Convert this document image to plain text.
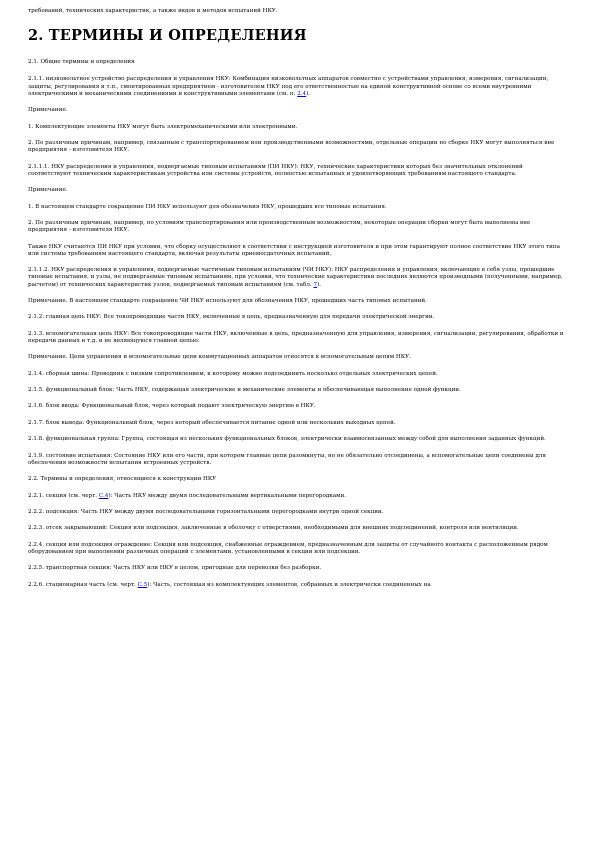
требований, технических характеристик, а также видов и методов испытаний НКУ.

2. ТЕРМИНЫ И ОПРЕДЕЛЕНИЯ

2.1. Общие термины и определения

2.1.1. низковольтное устройство распределения и управления НКУ: Комбинация низковольтных аппаратов совместно с устройствами управления, измерения, сигнализации, защиты, регулирования и т.п., смонтированных предприятием - изготовителем НКУ под его ответственностью на единой конструктивной основе со всеми внутренними электрическими и механическими соединениями и конструктивными элементами (см. п. 2.4).

Примечание.

1. Комплектующие элементы НКУ могут быть электромеханическими или электронными.

2. По различным причинам, например, связанным с транспортированием или производственными возможностями, отдельные операции по сборке НКУ могут выполняться вне предприятия - изготовителя НКУ.

2.1.1.1. НКУ распределения и управления, подвергаемые типовым испытаниям (ПИ НКУ): НКУ, технические характеристики которых без значительных отклонений соответствуют техническим характеристикам устройства или системы устройств, полностью испытанных и удовлетворяющих требованиям настоящего стандарта.

Примечание.

1. В настоящем стандарте сокращение ПИ НКУ используют для обозначения НКУ, прошедших все типовые испытания.

2. По различным причинам, например, по условиям транспортирования или производственным возможностям, некоторые операции сборки могут быть выполнены вне предприятия - изготовителя НКУ.

Также НКУ считаются ПИ НКУ при условии, что сборку осуществляют в соответствии с инструкцией изготовителя и при этом гарантируют полное соответствие НКУ этого типа или системы требованиям настоящего стандарта, включая результаты приемосдаточных испытаний.

2.1.1.2. НКУ распределения и управления, подвергаемые частичным типовым испытаниям (ЧИ НКУ): НКУ распределения и управления, включающие в себя узлы, прошедшие типовые испытания, и узлы, не подвергаемые типовым испытаниям, при условии, что технические характеристики последних являются производными (полученными, например, расчетом) от технических характеристик узлов, подвергаемых типовым испытаниям (см. табл. 7).

Примечание. В настоящем стандарте сокращение ЧИ НКУ используют для обозначения НКУ, прошедших часть типовых испытаний.

2.1.2. главная цепь НКУ: Все токопроводящие части НКУ, включенные в цепь, предназначенную для передачи электрической энергии.

2.1.3. вспомогательная цепь НКУ: Все токопроводящие части НКУ, включенные в цепь, предназначенную для управления, измерения, сигнализации, регулирования, обработки и передачи данных и т.д. и не являющуюся главной цепью.

Примечание. Цепи управления и вспомогательные цепи коммутационных аппаратов относятся к вспомогательным цепям НКУ.

2.1.4. сборная шина: Проводник с низким сопротивлением, к которому можно подсоединить несколько отдельных электрических цепей.

2.1.5. функциональный блок: Часть НКУ, содержащая электрические и механические элементы и обеспечивающая выполнение одной функции.

2.1.6. блок ввода: Функциональный блок, через который подают электрическую энергию в НКУ.

2.1.7. блок вывода: Функциональный блок, через который обеспечивается питание одной или нескольких выходных цепей.

2.1.8. функциональная группа: Группа, состоящая из нескольких функциональных блоков, электрически взаимосвязанных между собой для выполнения заданных функций.

2.1.9. состояние испытания: Состояние НКУ или его части, при котором главные цепи разомкнуты, но не обязательно отсоединены, а вспомогательные цепи соединены для обеспечения возможности испытания встроенных устройств.

2.2. Термины и определения, относящиеся к конструкции НКУ

2.2.1. секция (см. черт. С.4): Часть НКУ между двумя последовательными вертикальными перегородками.

2.2.2. подсекция: Часть НКУ между двумя последовательными горизонтальными перегородками внутри одной секции.

2.2.3. отсек закрывающий: Секция или подсекция, заключенные в оболочку с отверстиями, необходимыми для внешних подсоединений, контроля или вентиляции.

2.2.4. секция или подсекция ограждение: Секция или подсекция, снабженные ограждением, предназначенным для защиты от случайного контакта с расположенным рядом оборудованием при выполнении различных операций с элементами, установленными в секции или подсекции.

2.2.5. транспортная секция: Часть НКУ или НКУ в целом, пригодные для перевозки без разборки.

2.2.6. стационарная часть (см. черт. С.5): Часть, состоящая из комплектующих элементов, собранных и электрически соединенных на
